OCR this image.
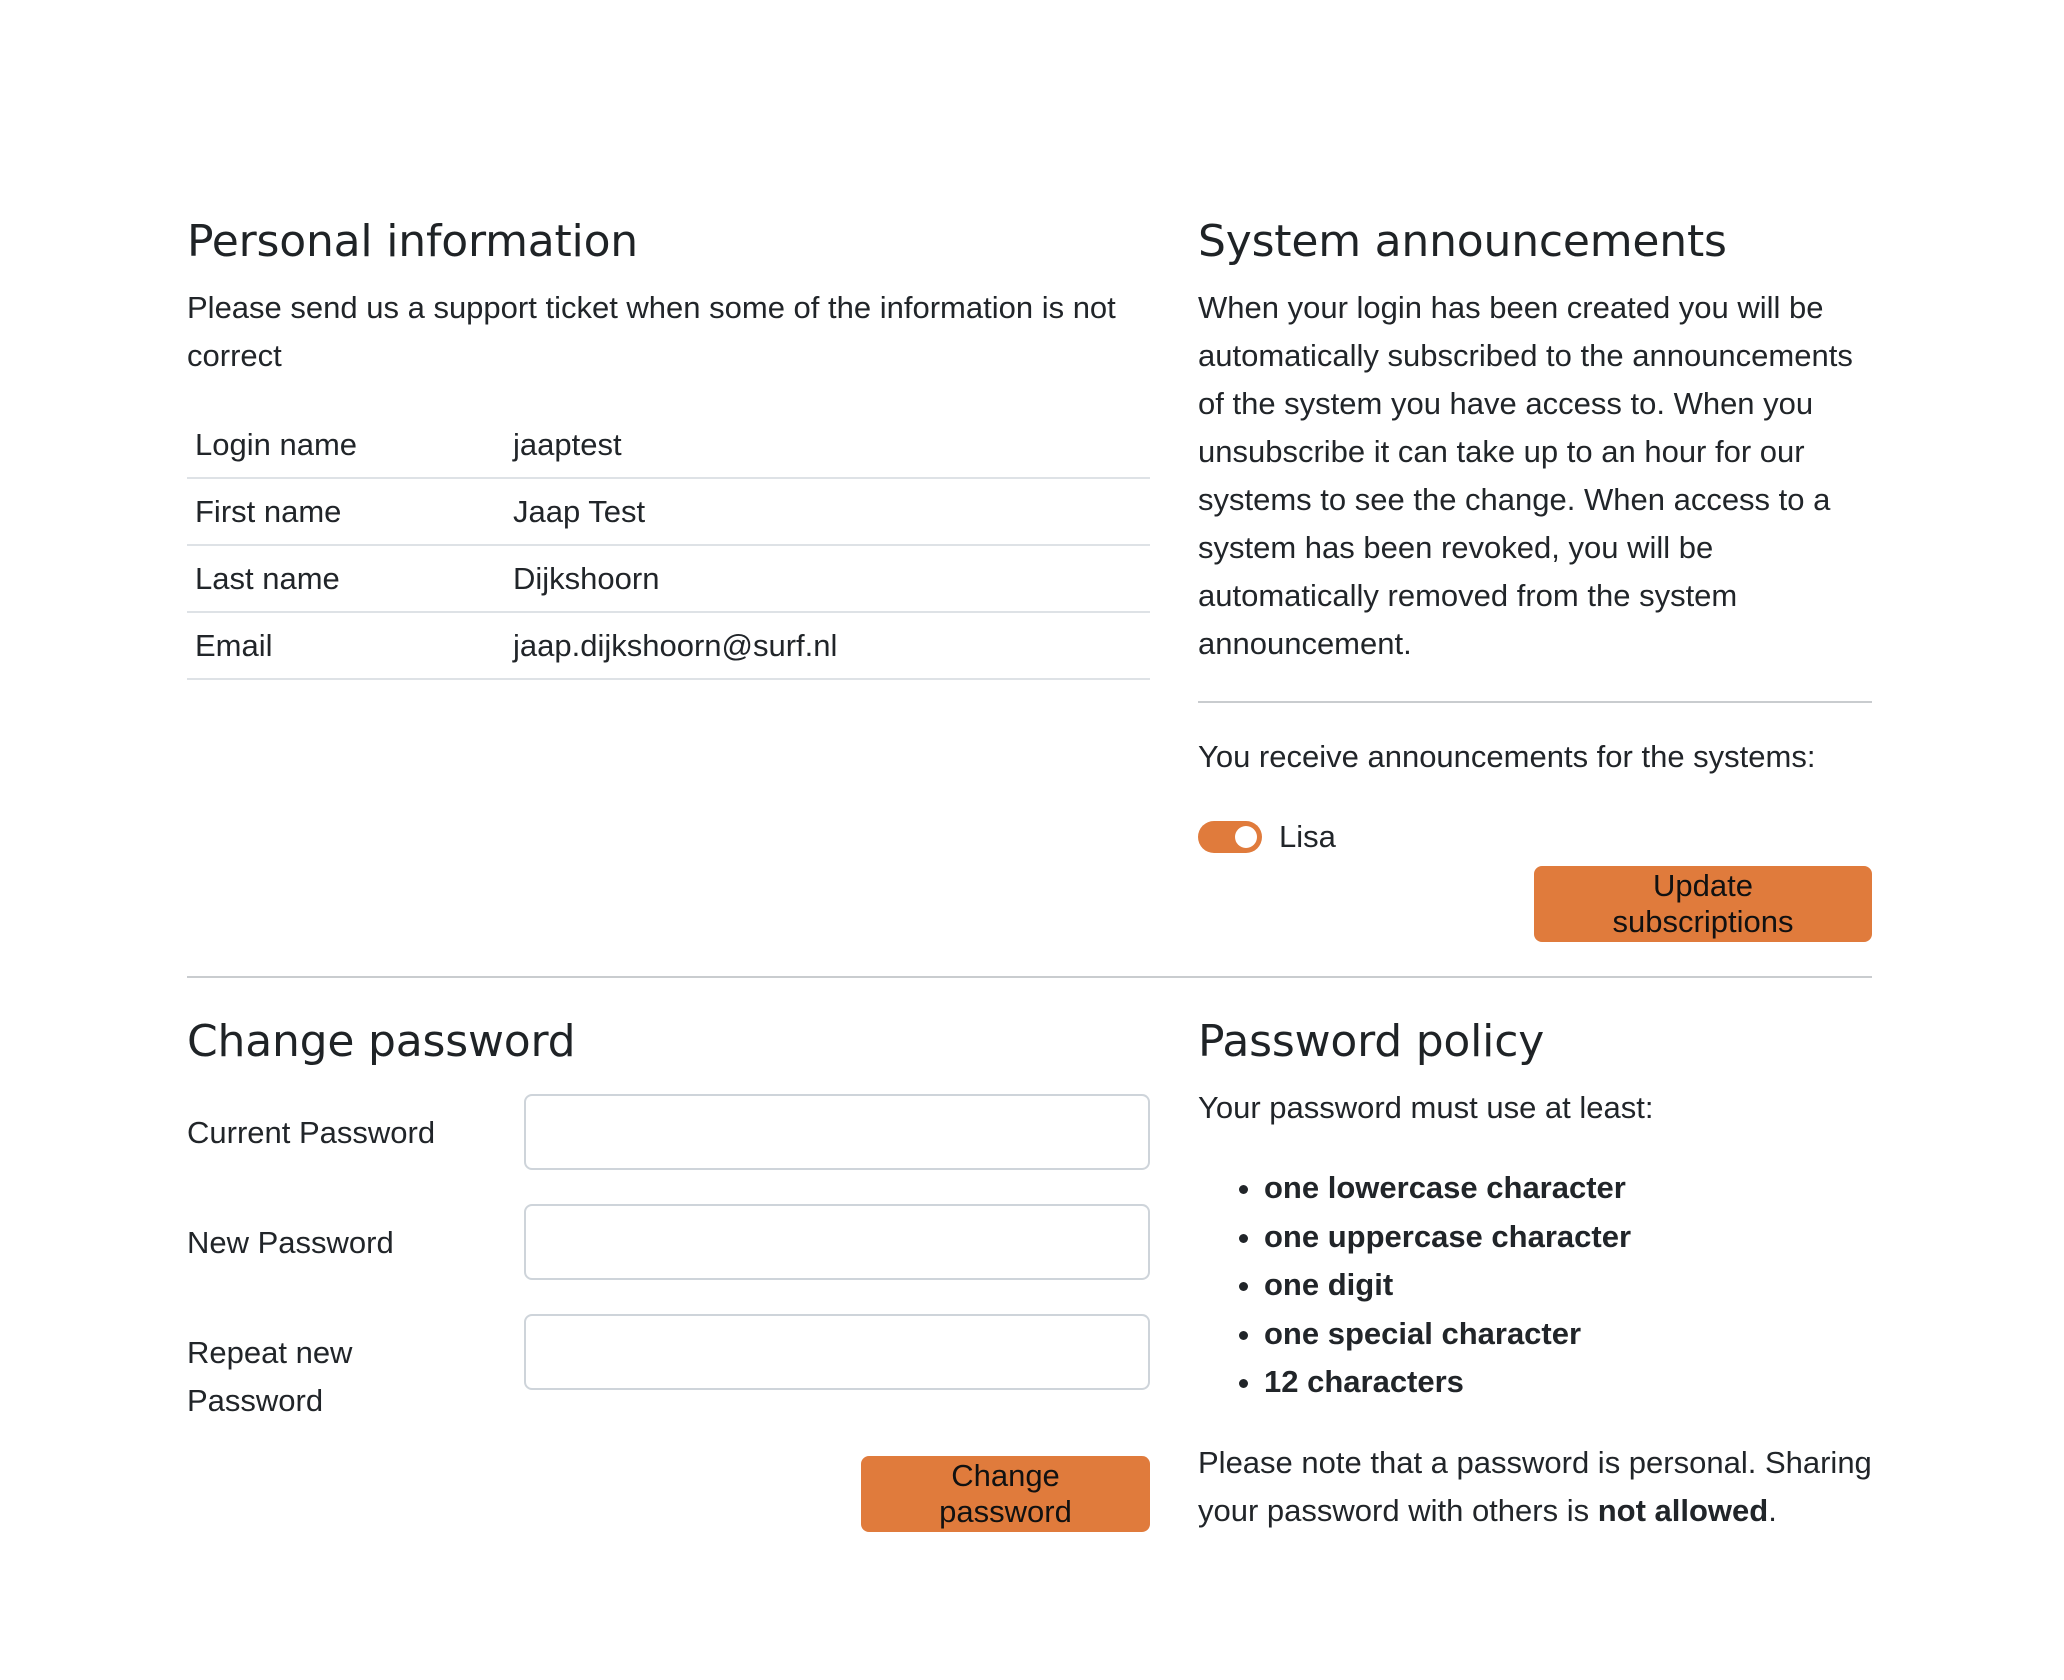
Personal information

Please send us a support ticket when some of the information is not correct

Login name	jaaptest
First name	Jaap Test
Last name	Dijkshoorn
Email	jaap.dijkshoorn@surf.nl
System announcements

When your login has been created you will be automatically subscribed to the announcements of the system you have access to. When you unsubscribe it can take up to an hour for our systems to see the change. When access to a system has been revoked, you will be automatically removed from the system announcement.

You receive announcements for the systems:

Lisa
Update subscriptions
Change password
Current Password
New Password
Repeat new Password
Change password
Password policy

Your password must use at least:

• one lowercase character
• one uppercase character
• one digit
• one special character
• 12 characters

Please note that a password is personal. Sharing your password with others is not allowed.
